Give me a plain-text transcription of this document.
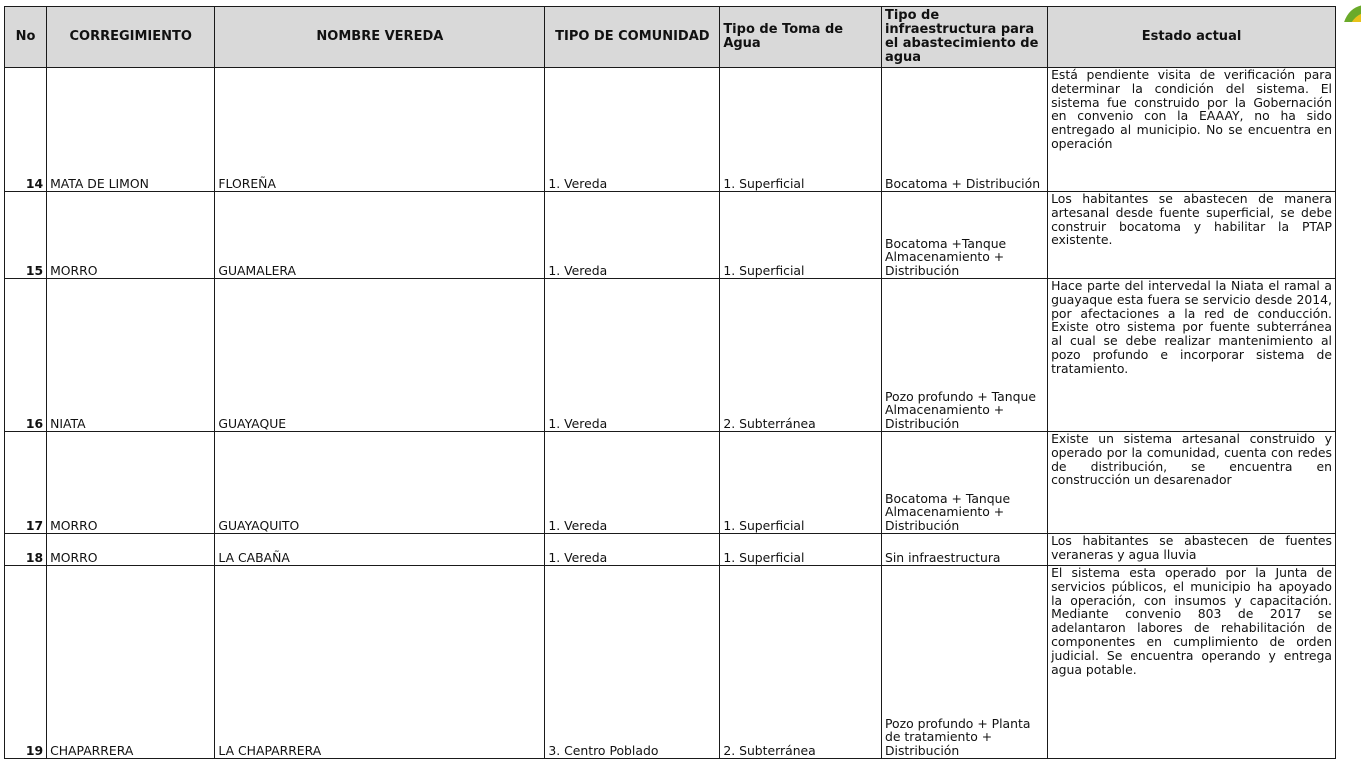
No	CORREGIMIENTO	NOMBRE VEREDA	TIPO DE COMUNIDAD	Tipo de Toma de Agua	Tipo de infraestructura para el abastecimiento de agua	Estado actual
14	MATA DE LIMON	FLOREÑA	1. Vereda	1. Superficial	Bocatoma + Distribución	Está pendiente visita de verificación para determinar la condición del sistema. El sistema fue construido por la Gobernación en convenio con la EAAAY, no ha sido entregado al municipio. No se encuentra en operación
15	MORRO	GUAMALERA	1. Vereda	1. Superficial	Bocatoma +Tanque Almacenamiento + Distribución	Los habitantes se abastecen de manera artesanal desde fuente superficial, se debe construir bocatoma y habilitar la PTAP existente.
16	NIATA	GUAYAQUE	1. Vereda	2. Subterránea	Pozo profundo + Tanque Almacenamiento + Distribución	Hace parte del intervedal la Niata el ramal a guayaque esta fuera se servicio desde 2014, por afectaciones a la red de conducción. Existe otro sistema por fuente subterránea al cual se debe realizar mantenimiento al pozo profundo e incorporar sistema de tratamiento.
17	MORRO	GUAYAQUITO	1. Vereda	1. Superficial	Bocatoma + Tanque Almacenamiento + Distribución	Existe un sistema artesanal construido y operado por la comunidad, cuenta con redes de distribución, se encuentra en construcción un desarenador
18	MORRO	LA CABAÑA	1. Vereda	1. Superficial	Sin infraestructura	Los habitantes se abastecen de fuentes veraneras y agua lluvia
19	CHAPARRERA	LA CHAPARRERA	3. Centro Poblado	2. Subterránea	Pozo profundo + Planta de tratamiento + Distribución	El sistema esta operado por la Junta de servicios públicos, el municipio ha apoyado la operación, con insumos y capacitación. Mediante convenio 803 de 2017 se adelantaron labores de rehabilitación de componentes en cumplimiento de orden judicial. Se encuentra operando y entrega agua potable.
